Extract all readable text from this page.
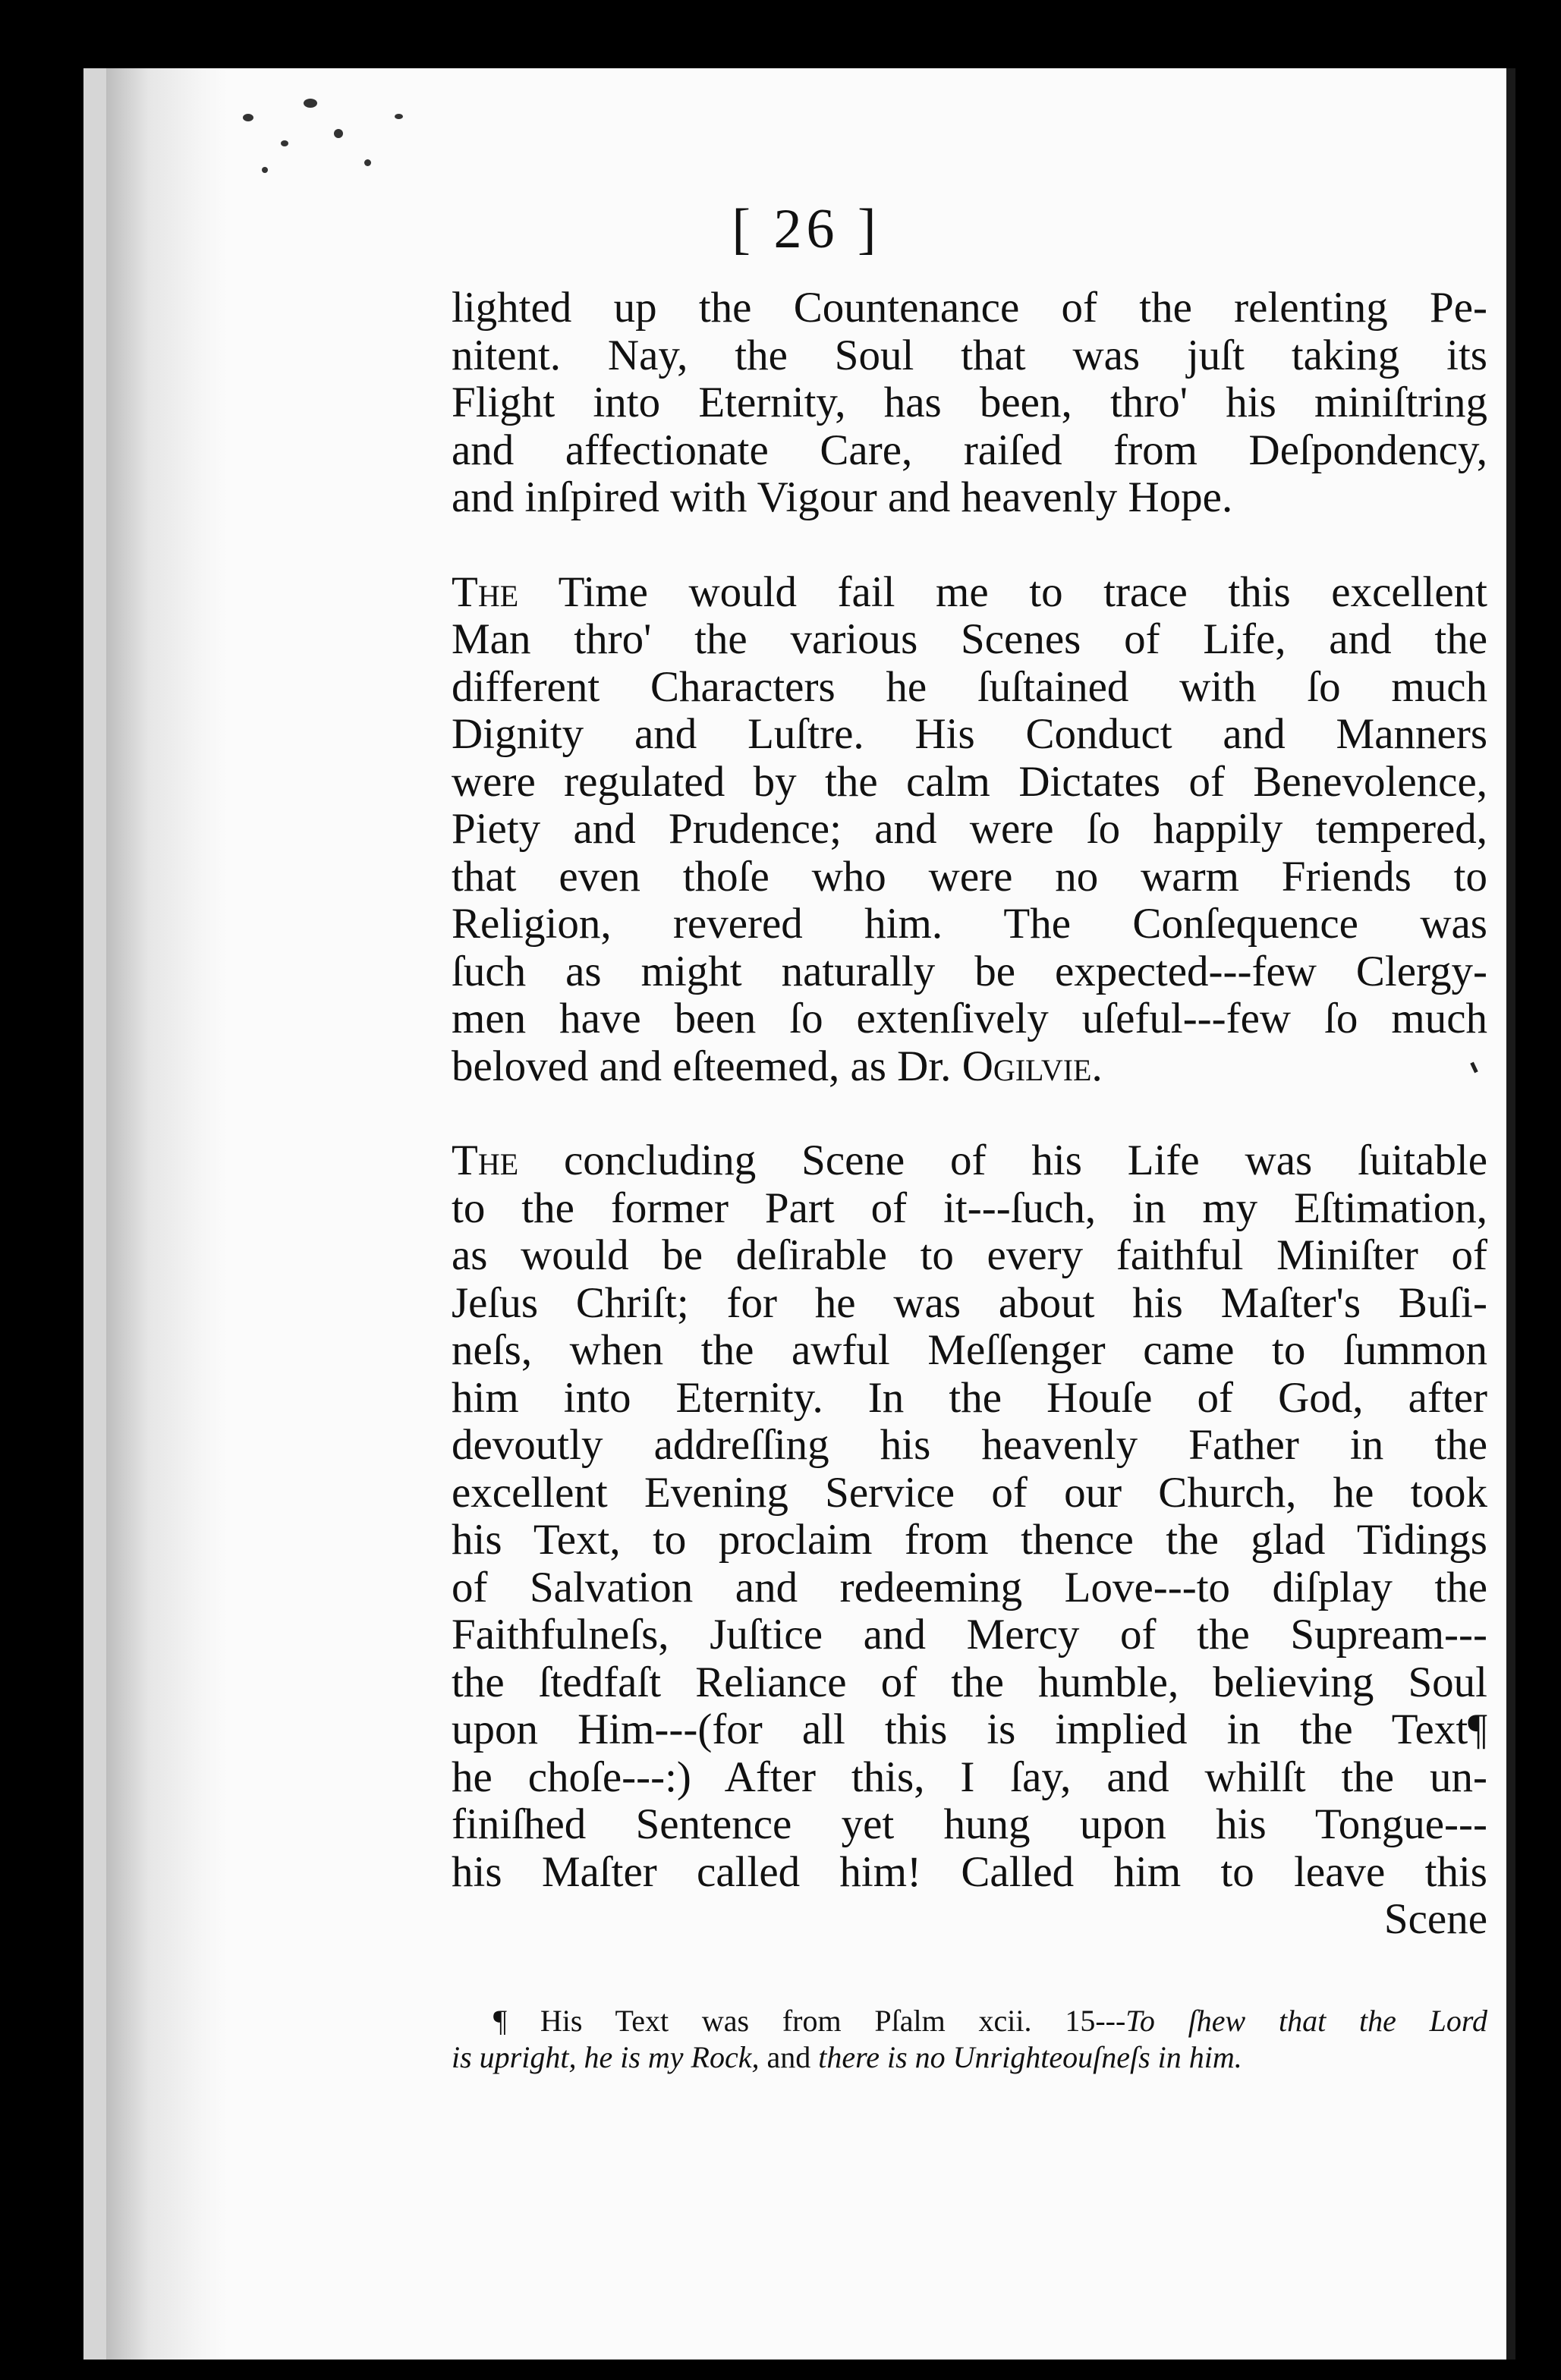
[ 26 ]
lighted up the Countenance of the relenting Pe-
nitent. Nay, the Soul that was juſt taking its
Flight into Eternity, has been, thro' his miniſtring
and affectionate Care, raiſed from Deſpondency,
and inſpired with Vigour and heavenly Hope.
The Time would fail me to trace this excellent
Man thro' the various Scenes of Life, and the
different Characters he ſuſtained with ſo much
Dignity and Luſtre. His Conduct and Manners
were regulated by the calm Dictates of Benevolence,
Piety and Prudence; and were ſo happily tempered,
that even thoſe who were no warm Friends to
Religion, revered him. The Conſequence was
ſuch as might naturally be expected---few Clergy-
men have been ſo extenſively uſeful---few ſo much
beloved and eſteemed, as Dr. Ogilvie.
The concluding Scene of his Life was ſuitable
to the former Part of it---ſuch, in my Eſtimation,
as would be deſirable to every faithful Miniſter of
Jeſus Chriſt; for he was about his Maſter's Buſi-
neſs, when the awful Meſſenger came to ſummon
him into Eternity. In the Houſe of God, after
devoutly addreſſing his heavenly Father in the
excellent Evening Service of our Church, he took
his Text, to proclaim from thence the glad Tidings
of Salvation and redeeming Love---to diſplay the
Faithfulneſs, Juſtice and Mercy of the Supream---
the ſtedfaſt Reliance of the humble, believing Soul
upon Him---(for all this is implied in the Text¶
he choſe---:) After this, I ſay, and whilſt the un-
finiſhed Sentence yet hung upon his Tongue---
his Maſter called him! Called him to leave this
Scene
¶ His Text was from Pſalm xcii. 15---To ſhew that the Lord
is upright, he is my Rock, and there is no Unrighteouſneſs in him.
